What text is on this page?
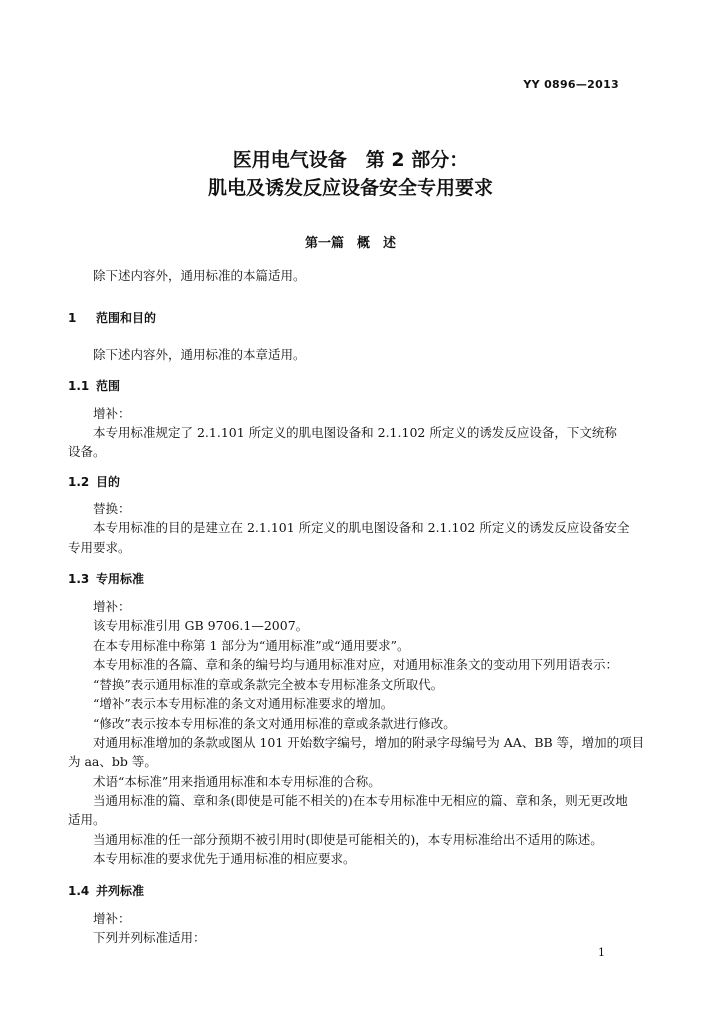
YY 0896—2013
医用电气设备　第 2 部分：
肌电及诱发反应设备安全专用要求
第一篇　概　述
除下述内容外，通用标准的本篇适用。
1 范围和目的
除下述内容外，通用标准的本章适用。
1.1 范围
增补：
本专用标准规定了 2.1.101 所定义的肌电图设备和 2.1.102 所定义的诱发反应设备，下文统称
设备。
1.2 目的
替换：
本专用标准的目的是建立在 2.1.101 所定义的肌电图设备和 2.1.102 所定义的诱发反应设备安全
专用要求。
1.3 专用标准
增补：
该专用标准引用 GB 9706.1—2007。
在本专用标准中称第 1 部分为“通用标准”或“通用要求”。
本专用标准的各篇、章和条的编号均与通用标准对应，对通用标准条文的变动用下列用语表示：
“替换”表示通用标准的章或条款完全被本专用标准条文所取代。
“增补”表示本专用标准的条文对通用标准要求的增加。
“修改”表示按本专用标准的条文对通用标准的章或条款进行修改。
对通用标准增加的条款或图从 101 开始数字编号，增加的附录字母编号为 AA、BB 等，增加的项目
为 aa、bb 等。
术语“本标准”用来指通用标准和本专用标准的合称。
当通用标准的篇、章和条(即使是可能不相关的)在本专用标准中无相应的篇、章和条，则无更改地
适用。
当通用标准的任一部分预期不被引用时(即使是可能相关的)，本专用标准给出不适用的陈述。
本专用标准的要求优先于通用标准的相应要求。
1.4 并列标准
增补：
下列并列标准适用：
1
